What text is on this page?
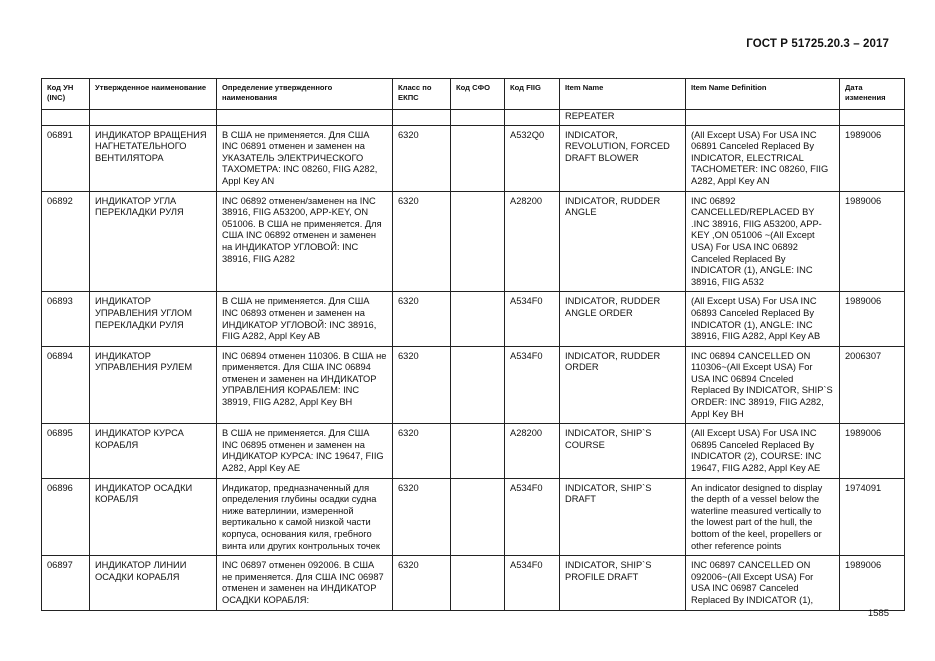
ГОСТ Р 51725.20.3 – 2017
Код УН (INC)	Утвержденное наименование	Определение утвержденного наименования	Класс по ЕКПС	Код СФО	Код FIIG	Item Name	Item Name Definition	Дата изменения
						REPEATER		
06891	ИНДИКАТОР ВРАЩЕНИЯ НАГНЕТАТЕЛЬНОГО ВЕНТИЛЯТОРА	В США не применяется. Для США INC 06891 отменен и заменен на УКАЗАТЕЛЬ ЭЛЕКТРИЧЕСКОГО ТАХОМЕТРА: INC 08260, FIIG A282, Appl Key AN	6320		A532Q0	INDICATOR, REVOLUTION, FORCED DRAFT BLOWER	(All Except USA) For USA INC 06891 Canceled Replaced By INDICATOR, ELECTRICAL TACHOMETER: INC 08260, FIIG A282, Appl Key AN	1989006
06892	ИНДИКАТОР УГЛА ПЕРЕКЛАДКИ РУЛЯ	INC 06892 отменен/заменен на INC 38916, FIIG A53200, APP-KEY, ON 051006. В США не применяется. Для США INC 06892 отменен и заменен на ИНДИКАТОР УГЛОВОЙ: INC 38916, FIIG A282	6320		A28200	INDICATOR, RUDDER ANGLE	INC 06892 CANCELLED/REPLACED BY .INC 38916, FIIG A53200, APP-KEY ,ON 051006 ~(All Except USA) For USA INC 06892 Canceled Replaced By INDICATOR (1), ANGLE: INC 38916, FIIG A532	1989006
06893	ИНДИКАТОР УПРАВЛЕНИЯ УГЛОМ ПЕРЕКЛАДКИ РУЛЯ	В США не применяется. Для США INC 06893 отменен и заменен на ИНДИКАТОР УГЛОВОЙ: INC 38916, FIIG A282, Appl Key AB	6320		A534F0	INDICATOR, RUDDER ANGLE ORDER	(All Except USA) For USA INC 06893 Canceled Replaced By INDICATOR (1), ANGLE: INC 38916, FIIG A282, Appl Key AB	1989006
06894	ИНДИКАТОР УПРАВЛЕНИЯ РУЛЕМ	INC 06894 отменен 110306. В США не применяется. Для США INC 06894 отменен и заменен на ИНДИКАТОР УПРАВЛЕНИЯ КОРАБЛЕМ: INC 38919, FIIG A282, Appl Key BH	6320		A534F0	INDICATOR, RUDDER ORDER	INC 06894 CANCELLED ON 110306~(All Except USA) For USA INC 06894 Cnceled Replaced By INDICATOR, SHIP`S ORDER: INC 38919, FIIG A282, Appl Key BH	2006307
06895	ИНДИКАТОР КУРСА КОРАБЛЯ	В США не применяется. Для США INC 06895 отменен и заменен на ИНДИКАТОР КУРСА: INC 19647, FIIG A282, Appl Key AE	6320		A28200	INDICATOR, SHIP`S COURSE	(All Except USA) For USA INC 06895 Canceled Replaced By INDICATOR (2), COURSE: INC 19647, FIIG A282, Appl Key AE	1989006
06896	ИНДИКАТОР ОСАДКИ КОРАБЛЯ	Индикатор, предназначенный для определения глубины осадки судна ниже ватерлинии, измеренной вертикально к самой низкой части корпуса, основания киля, гребного винта или других контрольных точек	6320		A534F0	INDICATOR, SHIP`S DRAFT	An indicator designed to display the depth of a vessel below the waterline measured vertically to the lowest part of the hull, the bottom of the keel, propellers or other reference points	1974091
06897	ИНДИКАТОР ЛИНИИ ОСАДКИ КОРАБЛЯ	INC 06897 отменен 092006. В США не применяется. Для США INC 06987 отменен и заменен на ИНДИКАТОР ОСАДКИ КОРАБЛЯ:	6320		A534F0	INDICATOR, SHIP`S PROFILE DRAFT	INC 06897 CANCELLED ON 092006~(All Except USA) For USA INC 06987 Canceled Replaced By INDICATOR (1),	1989006
1585
